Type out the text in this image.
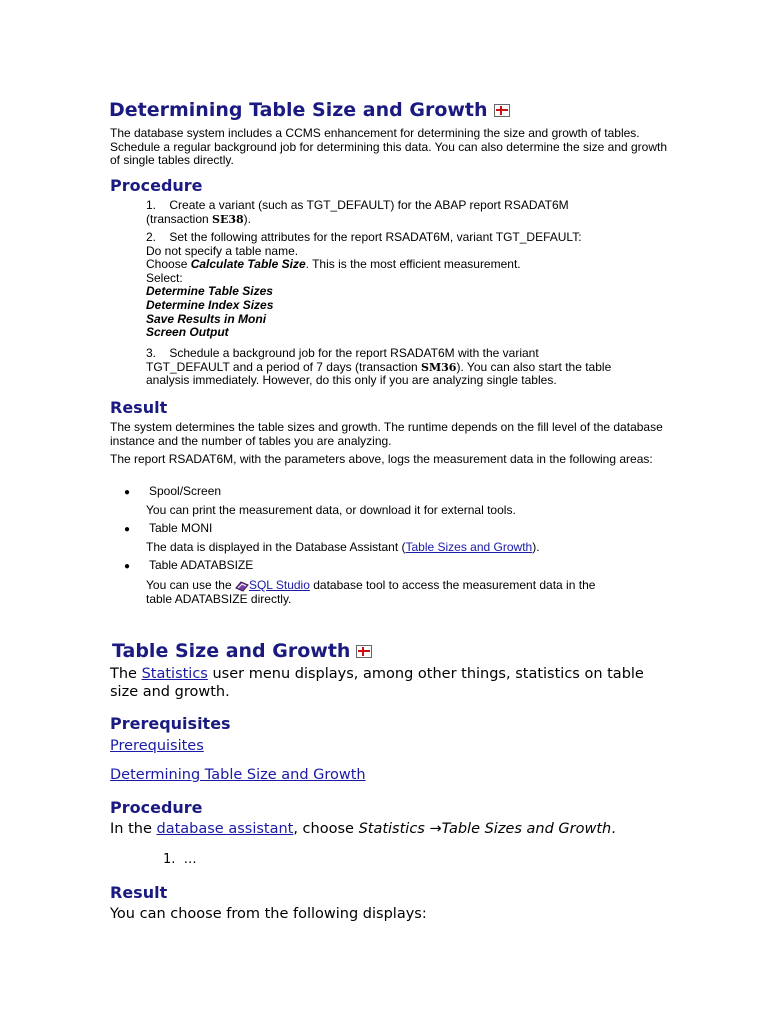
Determining Table Size and Growth

The database system includes a CCMS enhancement for determining the size and growth of tables. Schedule a regular background job for determining this data. You can also determine the size and growth of single tables directly.

Procedure

1. Create a variant (such as TGT_DEFAULT) for the ABAP report RSADAT6M
(transaction SE38).

2. Set the following attributes for the report RSADAT6M, variant TGT_DEFAULT:
Do not specify a table name.
Choose Calculate Table Size. This is the most efficient measurement.
Select:
Determine Table Sizes
Determine Index Sizes
Save Results in Moni
Screen Output

3. Schedule a background job for the report RSADAT6M with the variant
TGT_DEFAULT and a period of 7 days (transaction SM36). You can also start the table
analysis immediately. However, do this only if you are analyzing single tables.

Result

The system determines the table sizes and growth. The runtime depends on the fill level of the database instance and the number of tables you are analyzing.

The report RSADAT6M, with the parameters above, logs the measurement data in the following areas:

● Spool/Screen

You can print the measurement data, or download it for external tools.

● Table MONI

The data is displayed in the Database Assistant (Table Sizes and Growth).

● Table ADATABSIZE

You can use the SQL Studio database tool to access the measurement data in the
table ADATABSIZE directly.

Table Size and Growth

The Statistics user menu displays, among other things, statistics on table
size and growth.

Prerequisites

Prerequisites

Determining Table Size and Growth

Procedure

In the database assistant, choose Statistics →Table Sizes and Growth.

1. …
Result

You can choose from the following displays:
